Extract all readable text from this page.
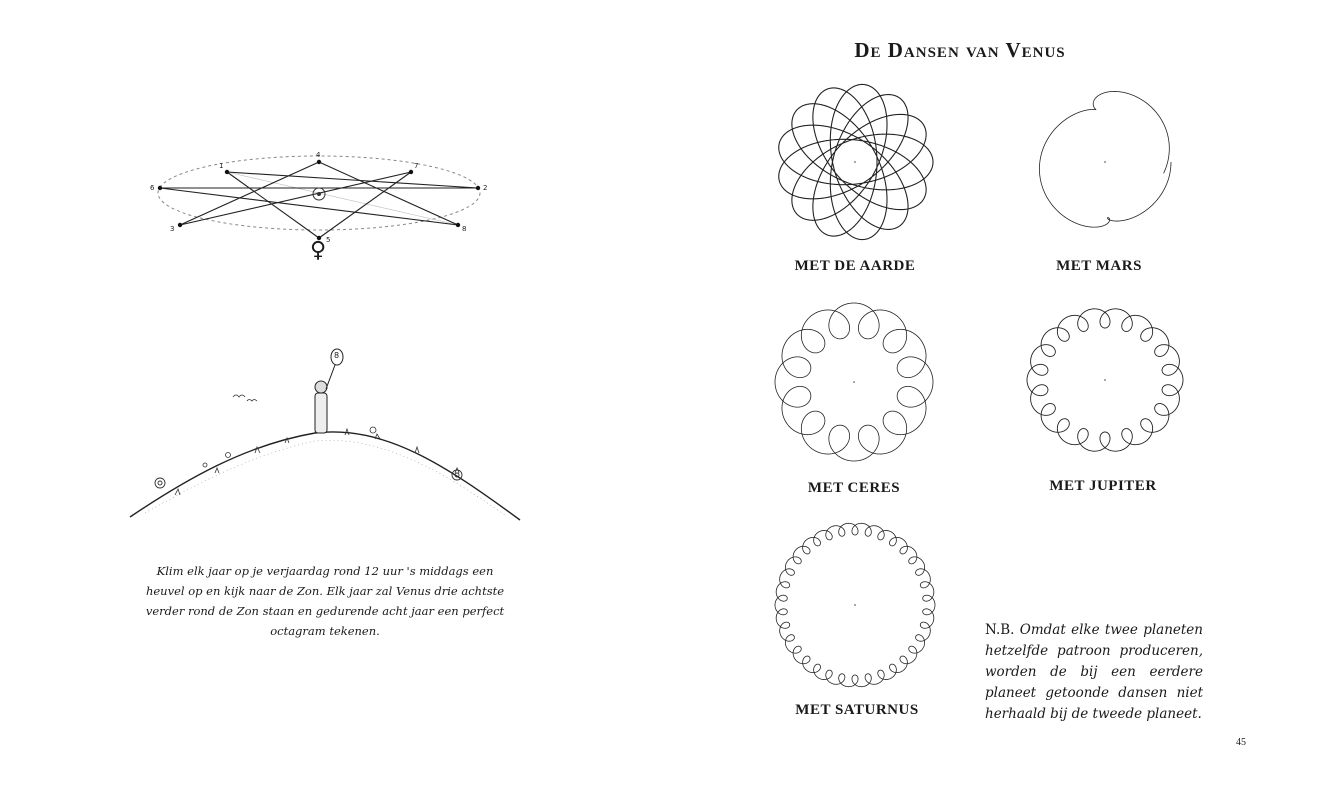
1
4
7
6	2
3
5
8
♀
8
Klim elk jaar op je verjaardag rond 12 uur 's middags een heuvel op en kijk naar de Zon. Elk jaar zal Venus drie achtste verder rond de Zon staan en gedurende acht jaar een perfect octagram tekenen.
De Dansen van Venus
MET DE AARDE	MET MARS
MET CERES	MET JUPITER
MET SATURNUS
N.B. Omdat elke twee planeten hetzelfde patroon produceren, worden de bij een eerdere planeet getoonde dansen niet herhaald bij de tweede planeet.
45
